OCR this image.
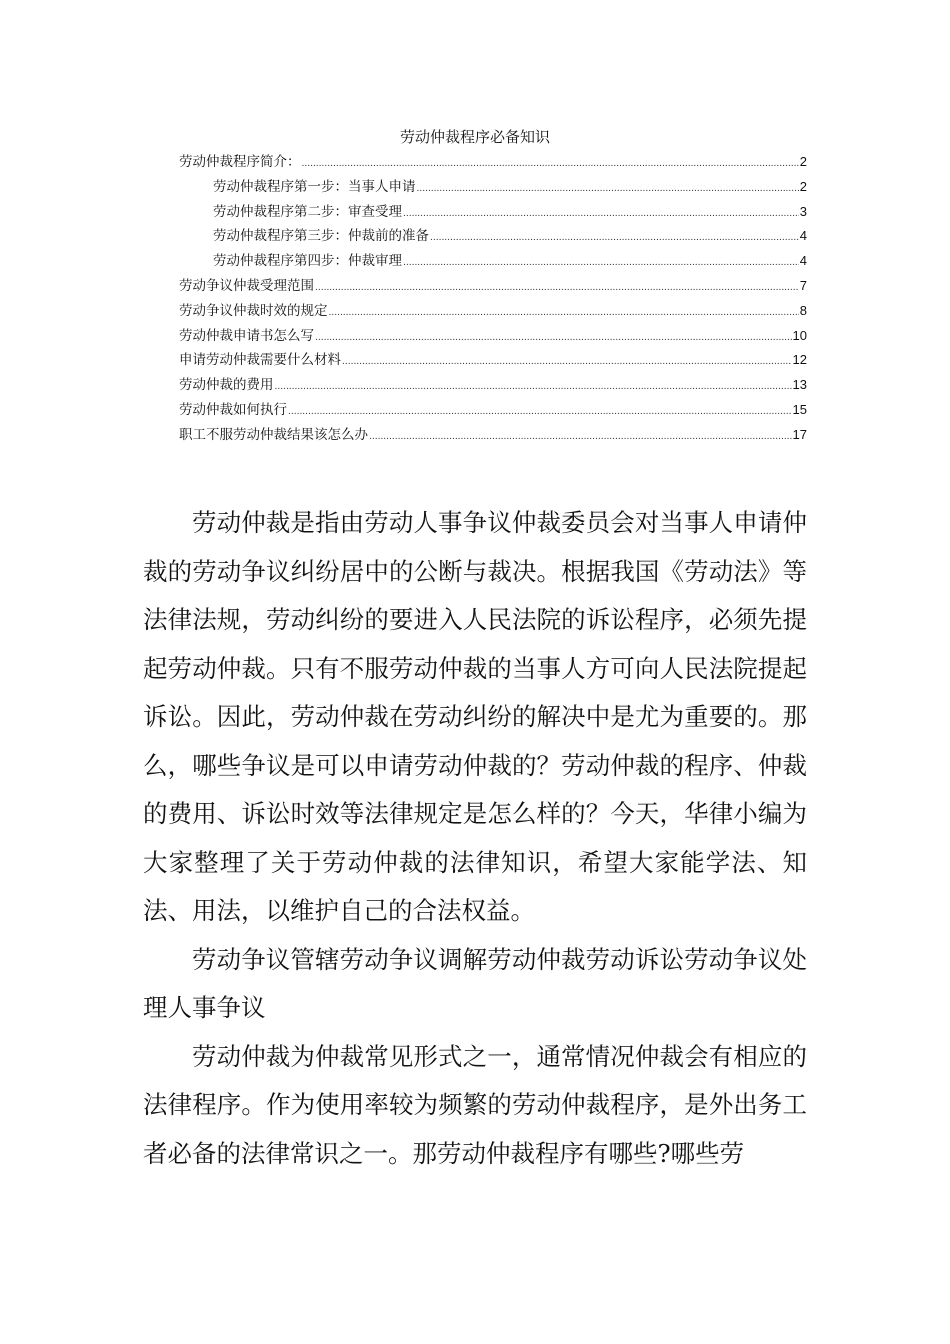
劳动仲裁程序必备知识
劳动仲裁程序简介： .....	2
劳动仲裁程序第一步：当事人申请 .....	2
劳动仲裁程序第二步：审查受理 .....	3
劳动仲裁程序第三步：仲裁前的准备 .....	4
劳动仲裁程序第四步：仲裁审理 .....	4
劳动争议仲裁受理范围 .....	7
劳动争议仲裁时效的规定 .....	8
劳动仲裁申请书怎么写 .....	10
申请劳动仲裁需要什么材料 .....	12
劳动仲裁的费用 .....	13
劳动仲裁如何执行 .....	15
职工不服劳动仲裁结果该怎么办 .....	17

劳动仲裁是指由劳动人事争议仲裁委员会对当事人申请仲裁的劳动争议纠纷居中的公断与裁决。根据我国《劳动法》等法律法规，劳动纠纷的要进入人民法院的诉讼程序，必须先提起劳动仲裁。只有不服劳动仲裁的当事人方可向人民法院提起诉讼。因此，劳动仲裁在劳动纠纷的解决中是尤为重要的。那么，哪些争议是可以申请劳动仲裁的？劳动仲裁的程序、仲裁的费用、诉讼时效等法律规定是怎么样的？今天，华律小编为大家整理了关于劳动仲裁的法律知识，希望大家能学法、知法、用法，以维护自己的合法权益。

劳动争议管辖劳动争议调解劳动仲裁劳动诉讼劳动争议处理人事争议

劳动仲裁为仲裁常见形式之一，通常情况仲裁会有相应的法律程序。作为使用率较为频繁的劳动仲裁程序，是外出务工者必备的法律常识之一。那劳动仲裁程序有哪些?哪些劳
